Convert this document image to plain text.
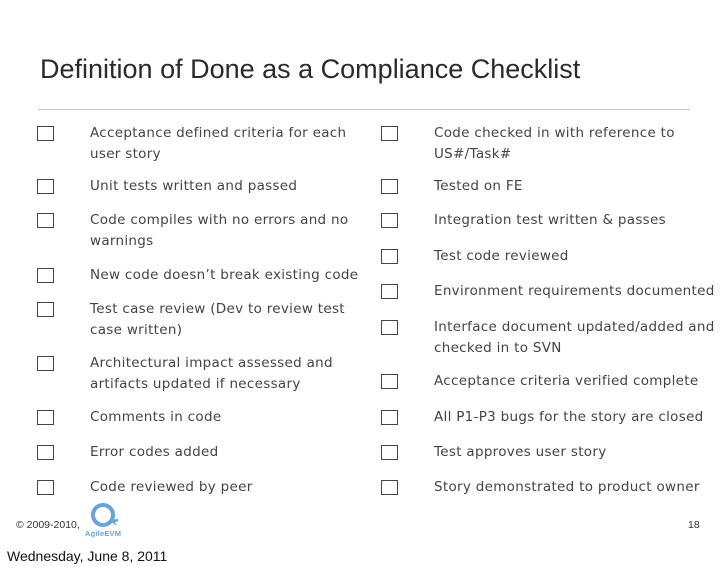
Definition of Done as a Compliance Checklist
Acceptance defined criteria for each
user story
Unit tests written and passed
Code compiles with no errors and no
warnings
New code doesn’t break existing code
Test case review (Dev to review test
case written)
Architectural impact assessed and
artifacts updated if necessary
Comments in code
Error codes added
Code reviewed by peer
Code checked in with reference to
US#/Task#
Tested on FE
Integration test written & passes
Test code reviewed
Environment requirements documented
Interface document updated/added and
checked in to SVN
Acceptance criteria verified complete
All P1-P3 bugs for the story are closed
Test approves user story
Story demonstrated to product owner
© 2009-2010,
AgileEVM
18
Wednesday, June 8, 2011
